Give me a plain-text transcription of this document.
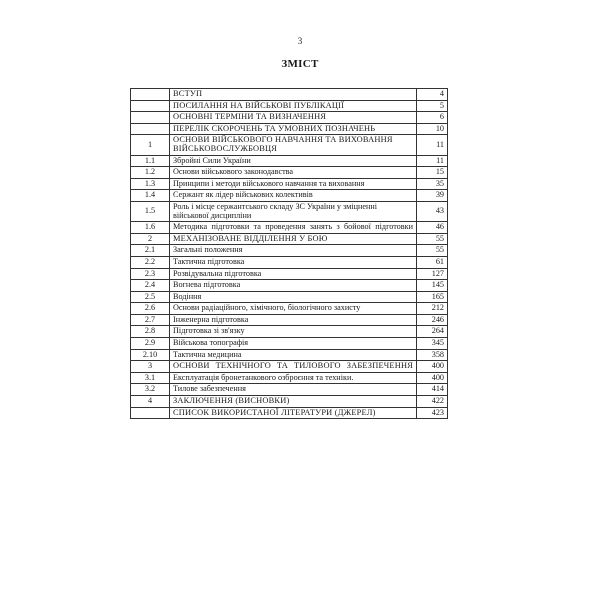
3
ЗМІСТ
	ВСТУП	4
	ПОСИЛАННЯ НА ВІЙСЬКОВІ ПУБЛІКАЦІЇ	5
	ОСНОВНІ ТЕРМІНИ ТА ВИЗНАЧЕННЯ	6
	ПЕРЕЛІК СКОРОЧЕНЬ ТА УМОВНИХ ПОЗНАЧЕНЬ	10
1	ОСНОВИ ВІЙСЬКОВОГО НАВЧАННЯ ТА ВИХОВАННЯ ВІЙСЬКОВОСЛУЖБОВЦЯ	11
1.1	Збройні Сили України	11
1.2	Основи військового законодавства	15
1.3	Принципи і методи військового навчання та виховання	35
1.4	Сержант як лідер військових колективів	39
1.5	Роль і місце сержантського складу ЗС України у зміцненні військової дисципліни	43
1.6	Методика підготовки та проведення занять з бойової підготовки	46
2	МЕХАНІЗОВАНЕ ВІДДІЛЕННЯ У БОЮ	55
2.1	Загальні положення	55
2.2	Тактична підготовка	61
2.3	Розвідувальна підготовка	127
2.4	Вогнева підготовка	145
2.5	Водіння	165
2.6	Основи радіаційного, хімічного, біологічного захисту	212
2.7	Інженерна підготовка	246
2.8	Підготовка зі зв'язку	264
2.9	Військова топографія	345
2.10	Тактична медицина	358
3	ОСНОВИ ТЕХНІЧНОГО ТА ТИЛОВОГО ЗАБЕЗПЕЧЕННЯ	400
3.1	Експлуатація бронетанкового озброєння та техніки.	400
3.2	Тилове забезпечення	414
4	ЗАКЛЮЧЕННЯ (ВИСНОВКИ)	422
	СПИСОК ВИКОРИСТАНОЇ ЛІТЕРАТУРИ (ДЖЕРЕЛ)	423
